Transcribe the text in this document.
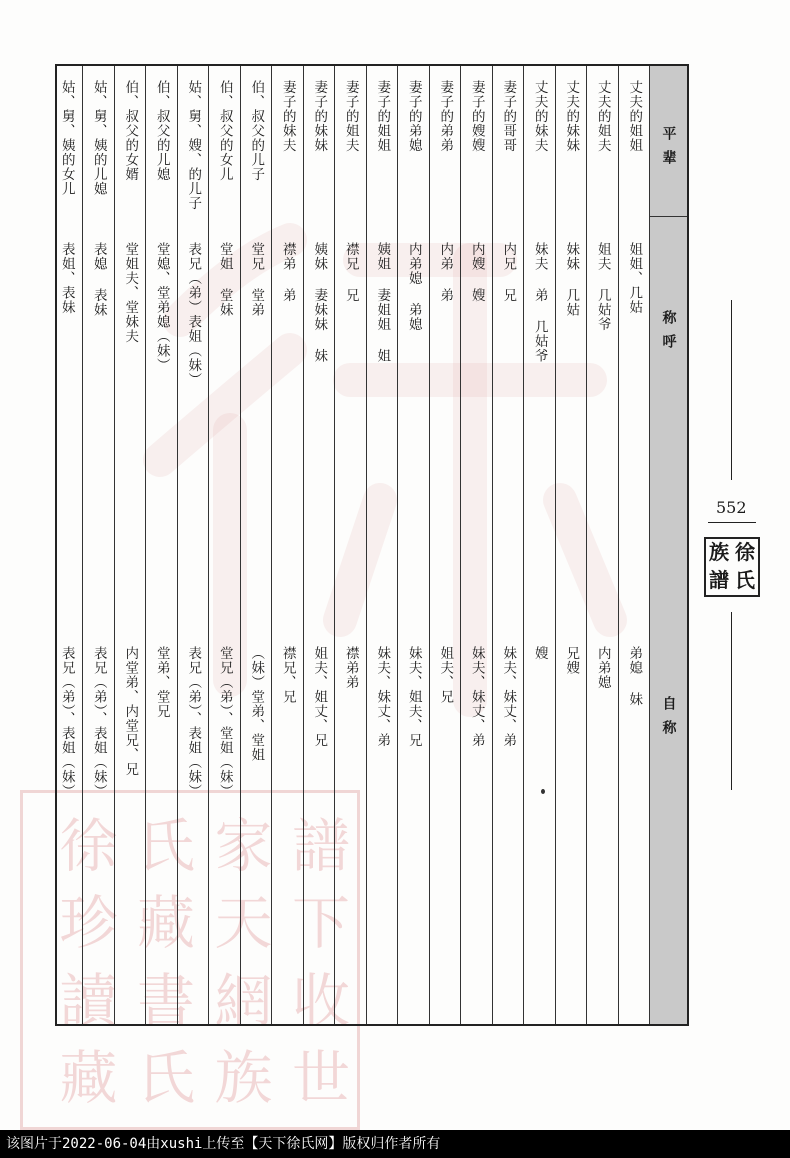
徐 氏 家 譜
珍 藏 天 下
讀 書 網 收
藏 氏 族 世
552
徐
氏
族
譜
平辈
称呼
自称
丈夫的姐姐
姐姐、几姑
弟媳 妹
丈夫的姐夫
姐夫 几姑爷
内弟媳
丈夫的妹妹
妹妹 几姑
兄嫂
丈夫的妹夫
妹夫 弟 几姑爷
嫂
妻子的哥哥
内兄 兄
妹夫、妹丈、弟
妻子的嫂嫂
内嫂 嫂
妹夫、妹丈、弟
妻子的弟弟
内弟 弟
姐夫、兄
妻子的弟媳
内弟媳 弟媳
妹夫、姐夫、兄
妻子的姐姐
姨姐 妻姐姐 姐
妹夫、妹丈、弟
妻子的姐夫
襟兄 兄
襟弟弟
妻子的妹妹
姨妹 妻妹妹 妹
姐夫、姐丈、兄
妻子的妹夫
襟弟 弟
襟兄、兄
伯、叔父的儿子
堂兄 堂弟
（妹）堂弟、堂姐
伯、叔父的女儿
堂姐 堂妹
堂兄（弟）、堂姐（妹）
姑、舅、嫂、的儿子
表兄（弟）表姐（妹）
表兄（弟）、表姐（妹）
伯、叔父的儿媳
堂媳、堂弟媳（妹）
堂弟、堂兄
伯、叔父的女婿
堂姐夫、堂妹夫
内堂弟、内堂兄、兄
姑、舅、姨的儿媳
表媳 表妹
表兄（弟）、表姐（妹）
姑、舅、姨的女儿
表姐、表妹
表兄（弟）、表姐（妹）
该图片于2022-06-04由xushi上传至【天下徐氏网】版权归作者所有
